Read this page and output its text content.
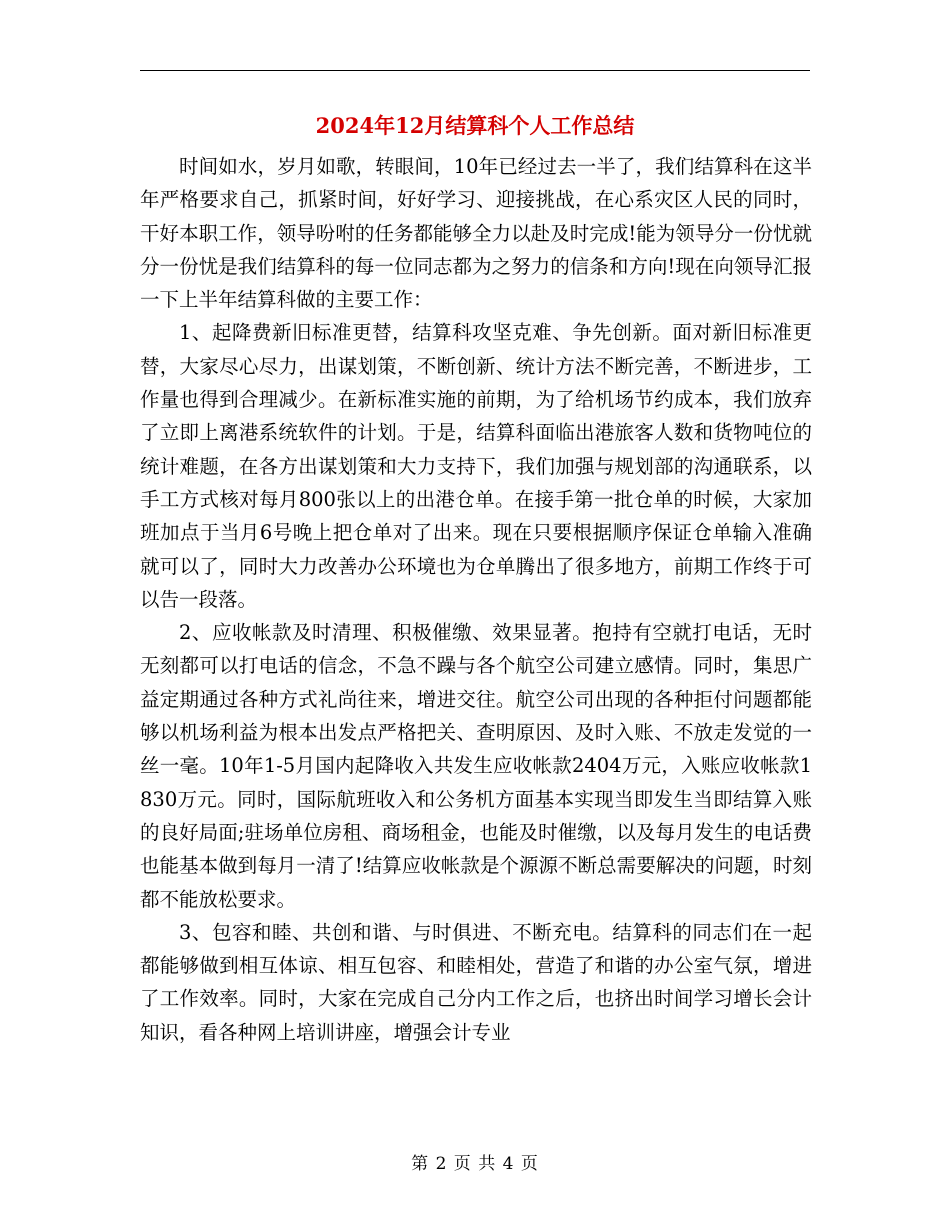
2024年12月结算科个人工作总结

时间如水，岁月如歌，转眼间，10年已经过去一半了，我们结算科在这半年严格要求自己，抓紧时间，好好学习、迎接挑战，在心系灾区人民的同时，干好本职工作，领导吩咐的任务都能够全力以赴及时完成!能为领导分一份忧就分一份忧是我们结算科的每一位同志都为之努力的信条和方向!现在向领导汇报一下上半年结算科做的主要工作：

1、起降费新旧标准更替，结算科攻坚克难、争先创新。面对新旧标准更替，大家尽心尽力，出谋划策，不断创新、统计方法不断完善，不断进步，工作量也得到合理减少。在新标准实施的前期，为了给机场节约成本，我们放弃了立即上离港系统软件的计划。于是，结算科面临出港旅客人数和货物吨位的统计难题，在各方出谋划策和大力支持下，我们加强与规划部的沟通联系，以手工方式核对每月800张以上的出港仓单。在接手第一批仓单的时候，大家加班加点于当月6号晚上把仓单对了出来。现在只要根据顺序保证仓单输入准确就可以了，同时大力改善办公环境也为仓单腾出了很多地方，前期工作终于可以告一段落。

2、应收帐款及时清理、积极催缴、效果显著。抱持有空就打电话，无时无刻都可以打电话的信念，不急不躁与各个航空公司建立感情。同时，集思广益定期通过各种方式礼尚往来，增进交往。航空公司出现的各种拒付问题都能够以机场利益为根本出发点严格把关、查明原因、及时入账、不放走发觉的一丝一毫。10年1-5月国内起降收入共发生应收帐款2404万元，入账应收帐款1830万元。同时，国际航班收入和公务机方面基本实现当即发生当即结算入账的良好局面;驻场单位房租、商场租金，也能及时催缴，以及每月发生的电话费也能基本做到每月一清了!结算应收帐款是个源源不断总需要解决的问题，时刻都不能放松要求。

3、包容和睦、共创和谐、与时俱进、不断充电。结算科的同志们在一起都能够做到相互体谅、相互包容、和睦相处，营造了和谐的办公室气氛，增进了工作效率。同时，大家在完成自己分内工作之后，也挤出时间学习增长会计知识，看各种网上培训讲座，增强会计专业

第 2 页 共 4 页
